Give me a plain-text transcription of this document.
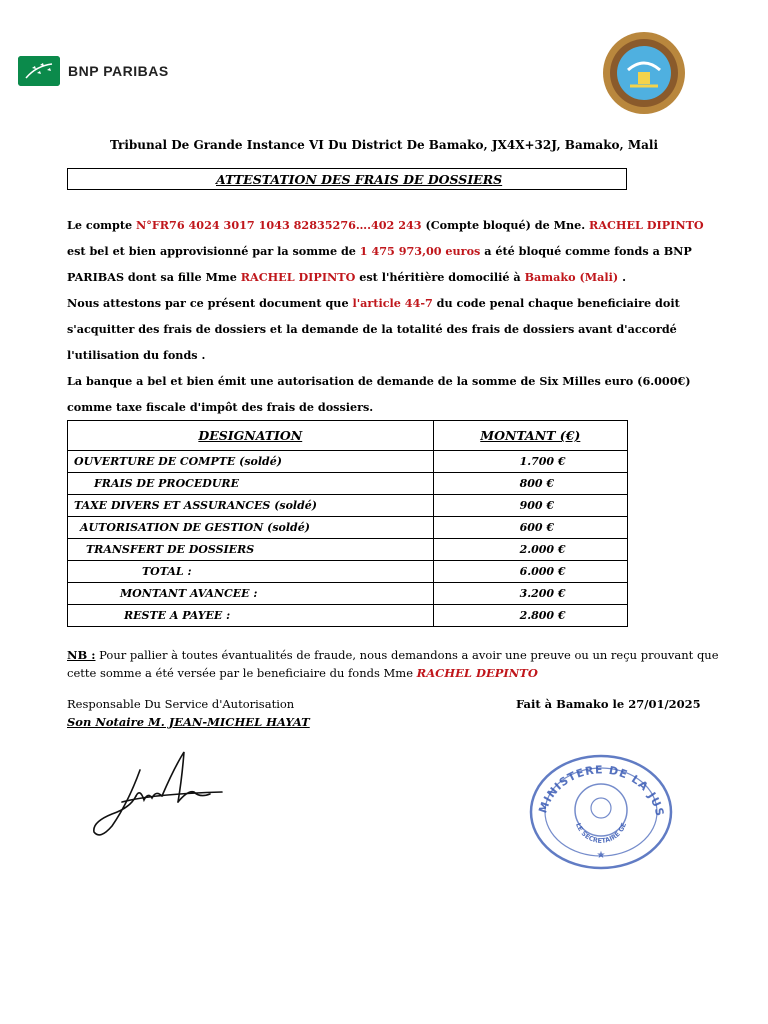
BNP PARIBAS
Tribunal De Grande Instance VI Du District De Bamako, JX4X+32J, Bamako, Mali
ATTESTATION DES FRAIS DE DOSSIERS
Le compte N°FR76 4024 3017 1043 82835276….402 243 (Compte bloqué) de Mne. RACHEL DIPINTO est bel et bien approvisionné par la somme de 1 475 973,00 euros a été bloqué comme fonds a BNP PARIBAS dont sa fille Mme RACHEL DIPINTO est l'héritière domocilié à Bamako (Mali) .
Nous attestons par ce présent document que l'article 44-7 du code penal chaque beneficiaire doit s'acquitter des frais de dossiers et la demande de la totalité des frais de dossiers avant d'accordé l'utilisation du fonds .
La banque a bel et bien émit une autorisation de demande de la somme de Six Milles euro (6.000€) comme taxe fiscale d'impôt des frais de dossiers.
DESIGNATION	MONTANT (€)
OUVERTURE DE COMPTE (soldé)	1.700 €
FRAIS DE PROCEDURE	800 €
TAXE DIVERS ET ASSURANCES (soldé)	900 €
AUTORISATION DE GESTION (soldé)	600 €
TRANSFERT DE DOSSIERS	2.000 €
TOTAL :	6.000 €
MONTANT AVANCEE :	3.200 €
RESTE A PAYEE :	2.800 €
NB : Pour pallier à toutes évantualités de fraude, nous demandons a avoir une preuve ou un reçu prouvant que cette somme a été versée par le beneficiaire du fonds Mme RACHEL DEPINTO
Responsable Du Service d'Autorisation
Son Notaire M. JEAN-MICHEL HAYAT
Fait à Bamako le 27/01/2025
MINISTERE DE LA JUS
LE SECRETAIRE GE
★
